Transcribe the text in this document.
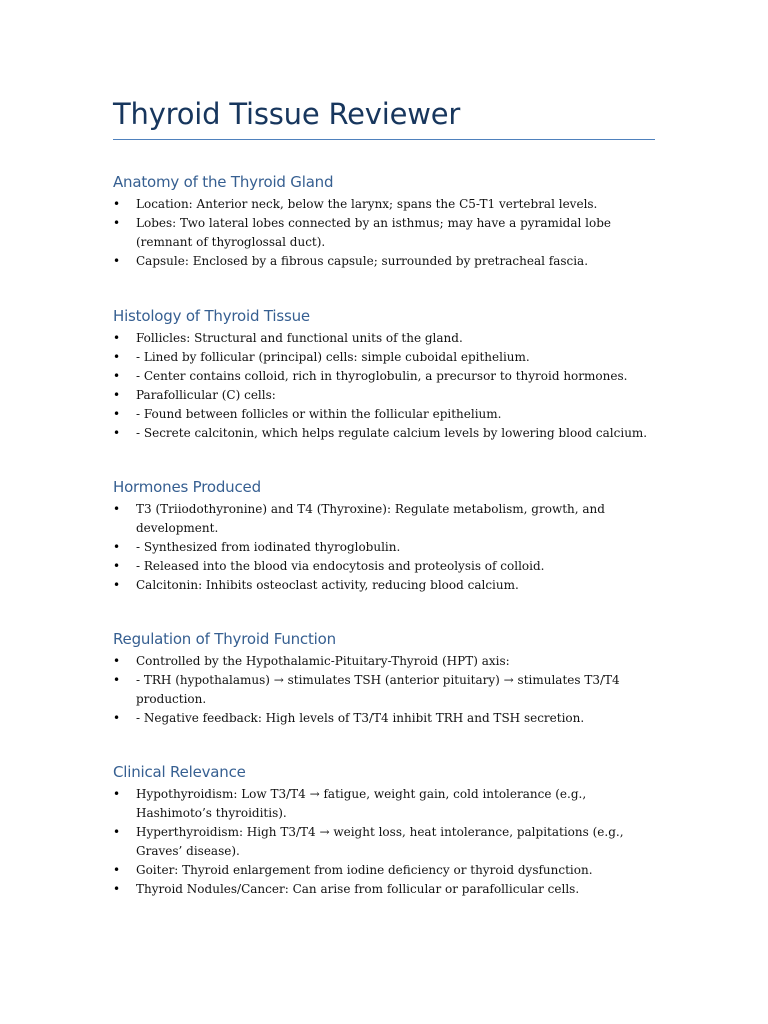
Thyroid Tissue Reviewer
Anatomy of the Thyroid Gland
• Location: Anterior neck, below the larynx; spans the C5-T1 vertebral levels.
• Lobes: Two lateral lobes connected by an isthmus; may have a pyramidal lobe (remnant of thyroglossal duct).
• Capsule: Enclosed by a fibrous capsule; surrounded by pretracheal fascia.
Histology of Thyroid Tissue
• Follicles: Structural and functional units of the gland.
• - Lined by follicular (principal) cells: simple cuboidal epithelium.
• - Center contains colloid, rich in thyroglobulin, a precursor to thyroid hormones.
• Parafollicular (C) cells:
• - Found between follicles or within the follicular epithelium.
• - Secrete calcitonin, which helps regulate calcium levels by lowering blood calcium.
Hormones Produced
• T3 (Triiodothyronine) and T4 (Thyroxine): Regulate metabolism, growth, and development.
• - Synthesized from iodinated thyroglobulin.
• - Released into the blood via endocytosis and proteolysis of colloid.
• Calcitonin: Inhibits osteoclast activity, reducing blood calcium.
Regulation of Thyroid Function
• Controlled by the Hypothalamic-Pituitary-Thyroid (HPT) axis:
• - TRH (hypothalamus) → stimulates TSH (anterior pituitary) → stimulates T3/T4 production.
• - Negative feedback: High levels of T3/T4 inhibit TRH and TSH secretion.
Clinical Relevance
• Hypothyroidism: Low T3/T4 → fatigue, weight gain, cold intolerance (e.g., Hashimoto’s thyroiditis).
• Hyperthyroidism: High T3/T4 → weight loss, heat intolerance, palpitations (e.g., Graves’ disease).
• Goiter: Thyroid enlargement from iodine deficiency or thyroid dysfunction.
• Thyroid Nodules/Cancer: Can arise from follicular or parafollicular cells.
